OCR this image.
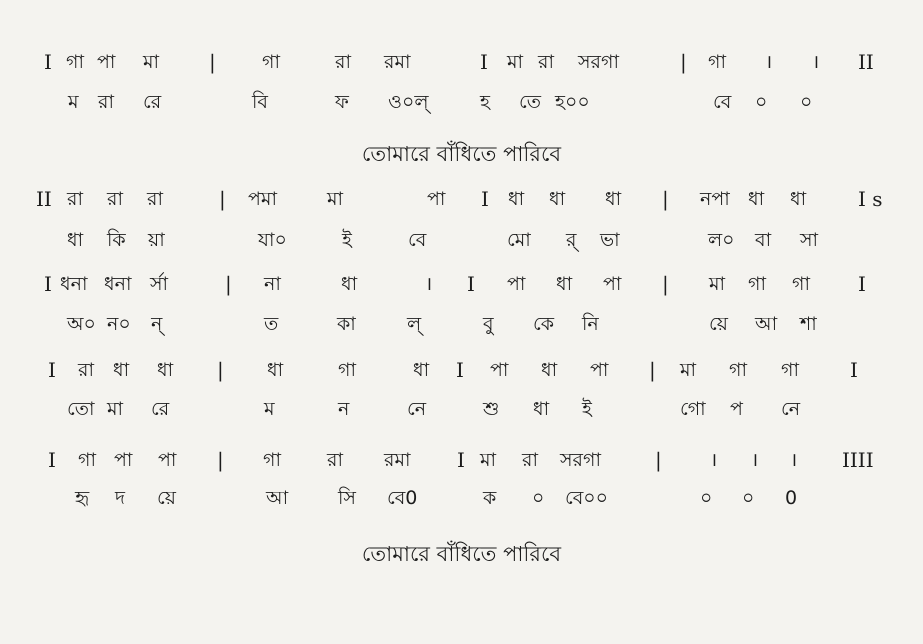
I গা পা মা | গা	রা রমা	I মা রা সরগা	| গা । । II
ম রা রে	বি	ফ ও০ল্	হ তে হ০০	বে ০ ০
তোমারে বাঁধিতে পারিবে
II রা রা রা	| পমা	মা	পা I ধা ধা ধা | নপা ধা ধা	I s
ধা কি য়া	যা০	ই	বে	মো র্ ভা	ল০ বা সা
I ধনা ধনা র্সা	| না	ধা	। I পা ধা পা | মা গা গা I
অ০ ন০ ন্	ত	কা	ল্	বু কে নি	য়ে আ শা
I রা ধা ধা | ধা	গা	ধা I পা ধা পা | মা গা গা	I
তো মা রে	ম	ন	নে	শু ধা ই	গো প নে
I গা পা পা | গা রা রমা I মা রা সরগা	|	। । । IIII
হৃ দ য়ে	আ	সি বে0	ক ০ বে০০	০ ০ 0
তোমারে বাঁধিতে পারিবে
